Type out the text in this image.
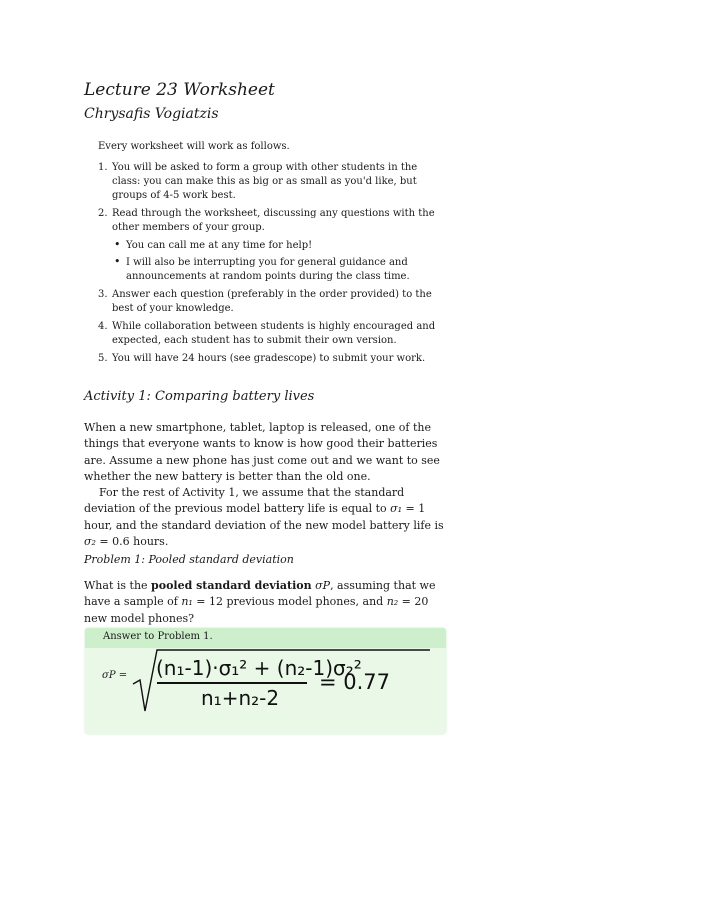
Lecture 23 Worksheet
Chrysafis Vogiatzis
Every worksheet will work as follows.
1. You will be asked to form a group with other students in the class: you can make this as big or as small as you'd like, but groups of 4-5 work best.
2. Read through the worksheet, discussing any questions with the other members of your group.
• You can call me at any time for help!
• I will also be interrupting you for general guidance and announcements at random points during the class time.
3. Answer each question (preferably in the order provided) to the best of your knowledge.
4. While collaboration between students is highly encouraged and expected, each student has to submit their own version.
5. You will have 24 hours (see gradescope) to submit your work.
Activity 1: Comparing battery lives
When a new smartphone, tablet, laptop is released, one of the things that everyone wants to know is how good their batteries are. Assume a new phone has just come out and we want to see whether the new battery is better than the old one.
For the rest of Activity 1, we assume that the standard deviation of the previous model battery life is equal to σ₁ = 1 hour, and the standard deviation of the new model battery life is σ₂ = 0.6 hours.
Problem 1: Pooled standard deviation
What is the pooled standard deviation σP, assuming that we have a sample of n₁ = 12 previous model phones, and n₂ = 20 new model phones?
Answer to Problem 1.
σP = (n₁-1)·σ₁² + (n₂-1)σ₂²
n₁+n₂-2
= 0.77
